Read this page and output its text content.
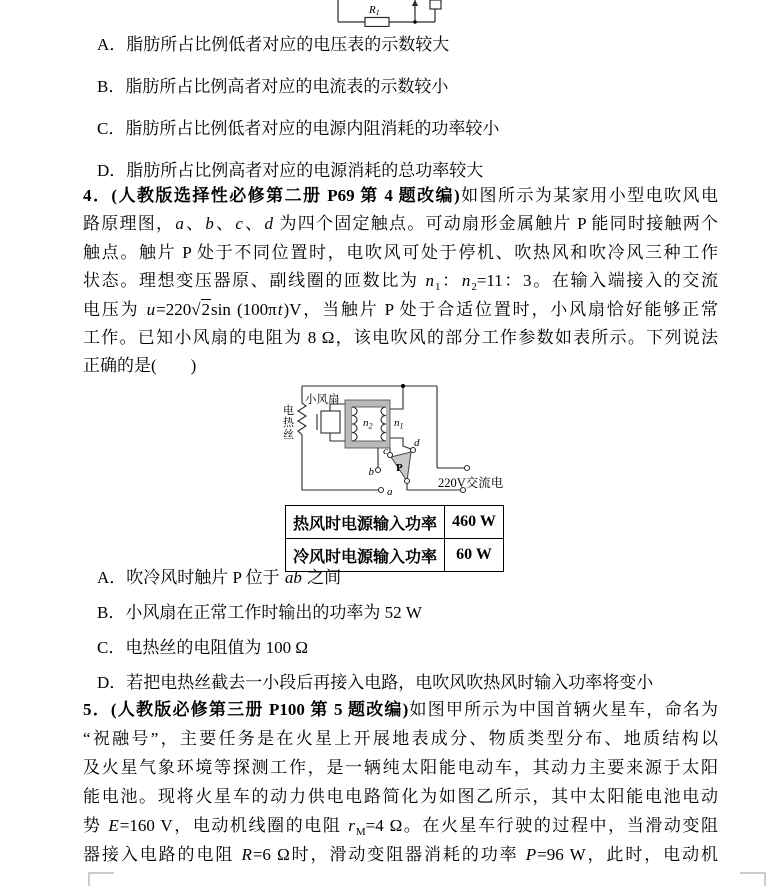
R1
A．脂肪所占比例低者对应的电压表的示数较大
B．脂肪所占比例高者对应的电流表的示数较小
C．脂肪所占比例低者对应的电源内阻消耗的功率较小
D．脂肪所占比例高者对应的电源消耗的总功率较大
4．(人教版选择性必修第二册 P69 第 4 题改编)如图所示为某家用小型电吹风电
路原理图，a、b、c、d 为四个固定触点。可动扇形金属触片 P 能同时接触两个
触点。触片 P 处于不同位置时，电吹风可处于停机、吹热风和吹冷风三种工作
状态。理想变压器原、副线圈的匝数比为 $n_1$：$n_2=11$：3。在输入端接入的交流
电压为 u=220√2sin (100πt)V，当触片 P 处于合适位置时，小风扇恰好能够正常
工作。已知小风扇的电阻为 8 Ω，该电吹风的部分工作参数如表所示。下列说法
正确的是(　　)
小风扇
电
热
丝
$n_2$ $n_1$
a
b
c
d
P
220V交流电
热风时电源输入功率	460 W
冷风时电源输入功率	60 W
A．吹冷风时触片 P 位于 ab 之间
B．小风扇在正常工作时输出的功率为 52 W
C．电热丝的电阻值为 100 Ω
D．若把电热丝截去一小段后再接入电路，电吹风吹热风时输入功率将变小
5．(人教版必修第三册 P100 第 5 题改编)如图甲所示为中国首辆火星车，命名为
“祝融号”，主要任务是在火星上开展地表成分、物质类型分布、地质结构以
及火星气象环境等探测工作，是一辆纯太阳能电动车，其动力主要来源于太阳
能电池。现将火星车的动力供电电路简化为如图乙所示，其中太阳能电池电动
势 E=160 V，电动机线圈的电阻 $r_M=4$ Ω。在火星车行驶的过程中，当滑动变阻
器接入电路的电阻 R=6 Ω时，滑动变阻器消耗的功率 P=96 W，此时，电动机
